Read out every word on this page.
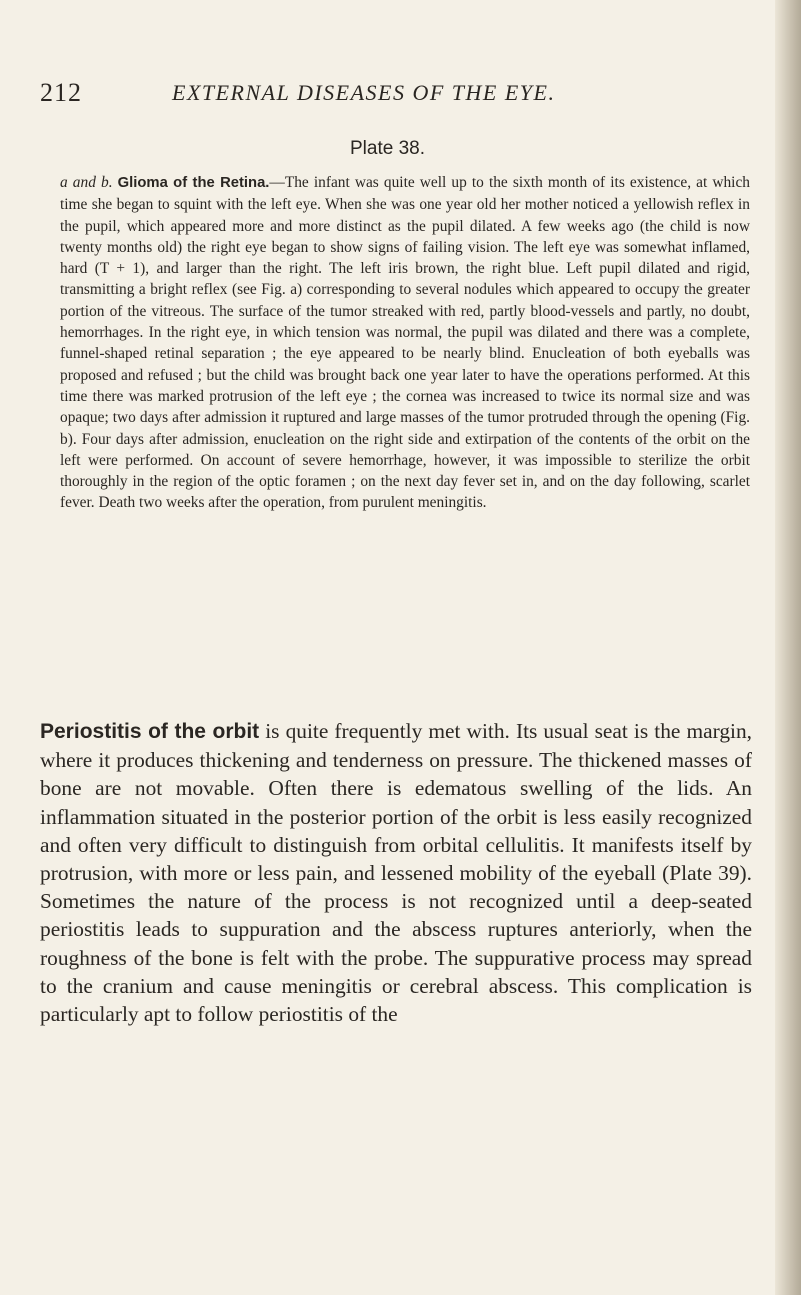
212	EXTERNAL DISEASES OF THE EYE.
Plate 38.

a and b. Glioma of the Retina.—The infant was quite well up to the sixth month of its existence, at which time she began to squint with the left eye. When she was one year old her mother noticed a yellowish reflex in the pupil, which appeared more and more distinct as the pupil dilated. A few weeks ago (the child is now twenty months old) the right eye began to show signs of failing vision. The left eye was somewhat inflamed, hard (T + 1), and larger than the right. The left iris brown, the right blue. Left pupil dilated and rigid, transmitting a bright reflex (see Fig. a) corresponding to several nodules which appeared to occupy the greater portion of the vitreous. The surface of the tumor streaked with red, partly blood-vessels and partly, no doubt, hemorrhages. In the right eye, in which tension was normal, the pupil was dilated and there was a complete, funnel-shaped retinal separation ; the eye appeared to be nearly blind. Enucleation of both eyeballs was proposed and refused ; but the child was brought back one year later to have the operations performed. At this time there was marked protrusion of the left eye ; the cornea was increased to twice its normal size and was opaque; two days after admission it ruptured and large masses of the tumor protruded through the opening (Fig. b). Four days after admission, enucleation on the right side and extirpation of the contents of the orbit on the left were performed. On account of severe hemorrhage, however, it was impossible to sterilize the orbit thoroughly in the region of the optic foramen ; on the next day fever set in, and on the day following, scarlet fever. Death two weeks after the operation, from purulent meningitis.

Periostitis of the orbit is quite frequently met with. Its usual seat is the margin, where it produces thickening and tenderness on pressure. The thickened masses of bone are not movable. Often there is edematous swelling of the lids. An inflammation situated in the posterior portion of the orbit is less easily recognized and often very difficult to distinguish from orbital cellulitis. It manifests itself by protrusion, with more or less pain, and lessened mobility of the eyeball (Plate 39). Sometimes the nature of the process is not recognized until a deep-seated periostitis leads to suppuration and the abscess ruptures anteriorly, when the roughness of the bone is felt with the probe. The suppurative process may spread to the cranium and cause meningitis or cerebral abscess. This complication is particularly apt to follow periostitis of the
